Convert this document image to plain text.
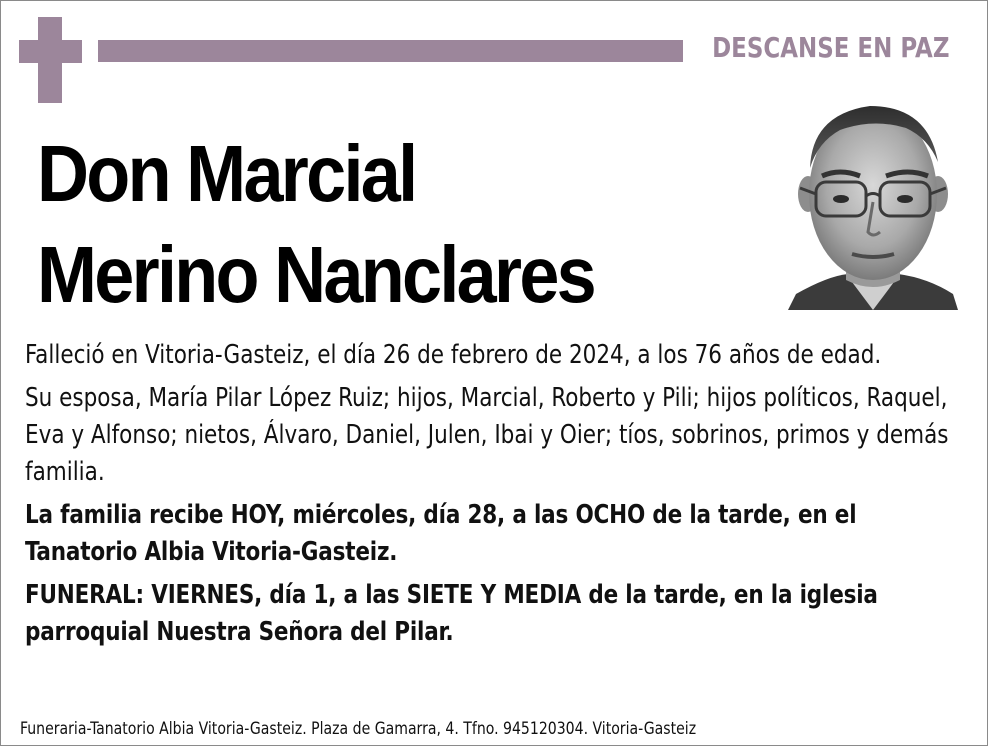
DESCANSE EN PAZ
Don Marcial
Merino Nanclares

Falleció en Vitoria-Gasteiz, el día 26 de febrero de 2024, a los 76 años de edad.

Su esposa, María Pilar López Ruiz; hijos, Marcial, Roberto y Pili; hijos políticos, Raquel, Eva y Alfonso; nietos, Álvaro, Daniel, Julen, Ibai y Oier; tíos, sobrinos, primos y demás familia.

La familia recibe HOY, miércoles, día 28, a las OCHO de la tarde, en el Tanatorio Albia Vitoria-Gasteiz.

FUNERAL: VIERNES, día 1, a las SIETE Y MEDIA de la tarde, en la iglesia parroquial Nuestra Señora del Pilar.

Funeraria-Tanatorio Albia Vitoria-Gasteiz. Plaza de Gamarra, 4. Tfno. 945120304. Vitoria-Gasteiz
